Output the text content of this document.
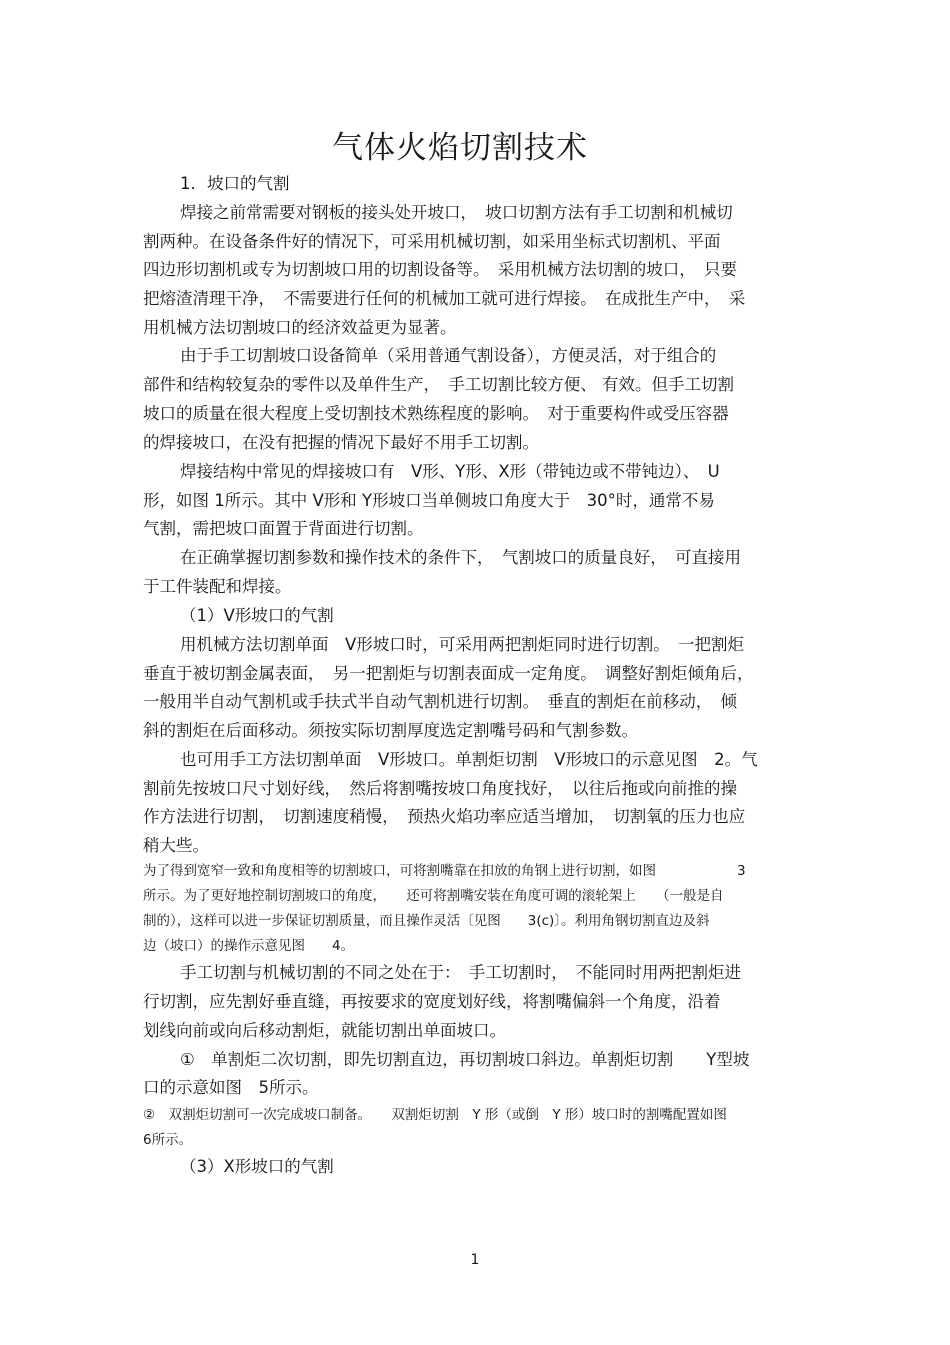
气体火焰切割技术
1．坡口的气割
焊接之前常需要对钢板的接头处开坡口，　坡口切割方法有手工切割和机械切
割两种。在设备条件好的情况下，可采用机械切割，如采用坐标式切割机、平面
四边形切割机或专为切割坡口用的切割设备等。　采用机械方法切割的坡口，　只要
把熔渣清理干净，　不需要进行任何的机械加工就可进行焊接。　在成批生产中，　采
用机械方法切割坡口的经济效益更为显著。
由于手工切割坡口设备简单（采用普通气割设备），方便灵活，对于组合的
部件和结构较复杂的零件以及单件生产，　手工切割比较方便、 有效。但手工切割
坡口的质量在很大程度上受切割技术熟练程度的影响。　对于重要构件或受压容器
的焊接坡口，在没有把握的情况下最好不用手工切割。
焊接结构中常见的焊接坡口有　V形、Y形、X形（带钝边或不带钝边）、　U
形，如图 1所示。其中 V形和 Y形坡口当单侧坡口角度大于　30°时，通常不易
气割，需把坡口面置于背面进行切割。
在正确掌握切割参数和操作技术的条件下，　气割坡口的质量良好，　可直接用
于工件装配和焊接。
（1）V形坡口的气割
用机械方法切割单面　V形坡口时，可采用两把割炬同时进行切割。　一把割炬
垂直于被切割金属表面，　另一把割炬与切割表面成一定角度。　调整好割炬倾角后，
一般用半自动气割机或手扶式半自动气割机进行切割。　垂直的割炬在前移动，　倾
斜的割炬在后面移动。须按实际切割厚度选定割嘴号码和气割参数。
也可用手工方法切割单面　V形坡口。单割炬切割　V形坡口的示意见图　2。气
割前先按坡口尺寸划好线，　然后将割嘴按坡口角度找好，　以往后拖或向前推的操
作方法进行切割，　切割速度稍慢，　预热火焰功率应适当增加，　切割氧的压力也应
稍大些。
为了得到宽窄一致和角度相等的切割坡口，可将割嘴靠在扣放的角钢上进行切割，如图　　　　　　3
所示。为了更好地控制切割坡口的角度，　　还可将割嘴安装在角度可调的滚轮架上　　（一般是自
制的），这样可以进一步保证切割质量，而且操作灵活〔见图　　3(c)〕。利用角钢切割直边及斜
边（坡口）的操作示意见图　　4。
手工切割与机械切割的不同之处在于：　手工切割时，　不能同时用两把割炬进
行切割，应先割好垂直缝，再按要求的宽度划好线，将割嘴偏斜一个角度，沿着
划线向前或向后移动割炬，就能切割出单面坡口。
①　单割炬二次切割，即先切割直边，再切割坡口斜边。单割炬切割　　Y型坡
口的示意如图　5所示。
②　双割炬切割可一次完成坡口制备。　　双割炬切割　Y 形（或倒　Y 形）坡口时的割嘴配置如图
6所示。
（3）X形坡口的气割
1
